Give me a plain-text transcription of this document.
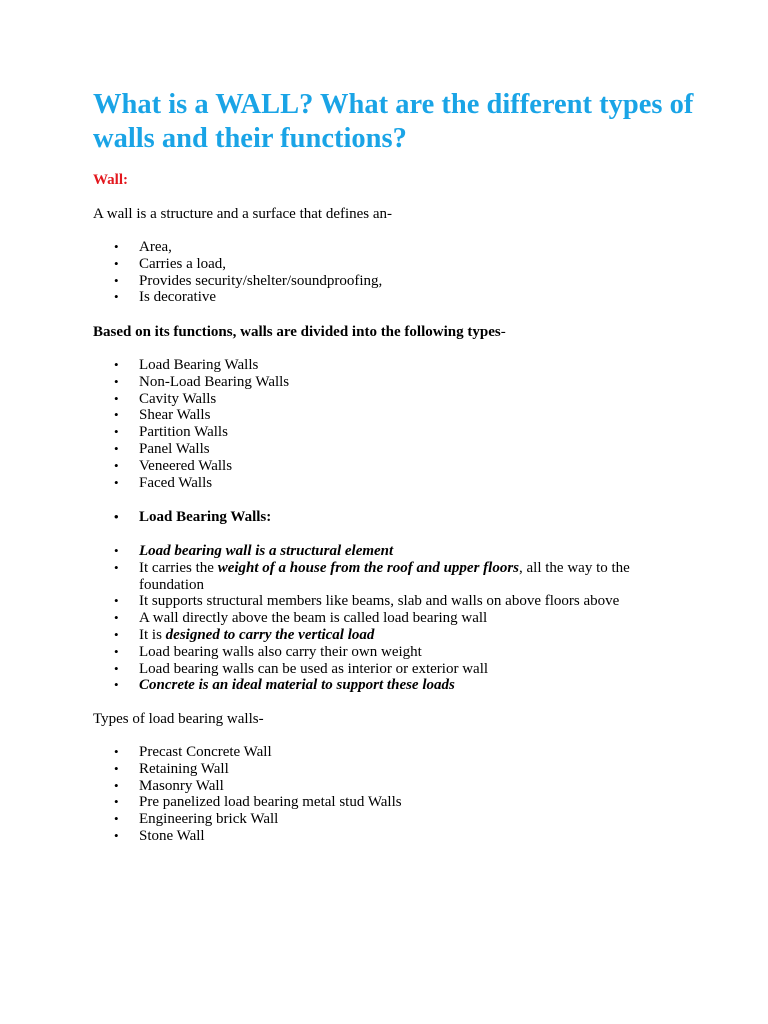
What is a WALL? What are the different types of walls and their functions?
Wall:
A wall is a structure and a surface that defines an-
• Area,
• Carries a load,
• Provides security/shelter/soundproofing,
• Is decorative
Based on its functions, walls are divided into the following types-
• Load Bearing Walls
• Non-Load Bearing Walls
• Cavity Walls
• Shear Walls
• Partition Walls
• Panel Walls
• Veneered Walls
• Faced Walls
• Load Bearing Walls:
• Load bearing wall is a structural element
• It carries the weight of a house from the roof and upper floors, all the way to the foundation
• It supports structural members like beams, slab and walls on above floors above
• A wall directly above the beam is called load bearing wall
• It is designed to carry the vertical load
• Load bearing walls also carry their own weight
• Load bearing walls can be used as interior or exterior wall
• Concrete is an ideal material to support these loads
Types of load bearing walls-
• Precast Concrete Wall
• Retaining Wall
• Masonry Wall
• Pre panelized load bearing metal stud Walls
• Engineering brick Wall
• Stone Wall
